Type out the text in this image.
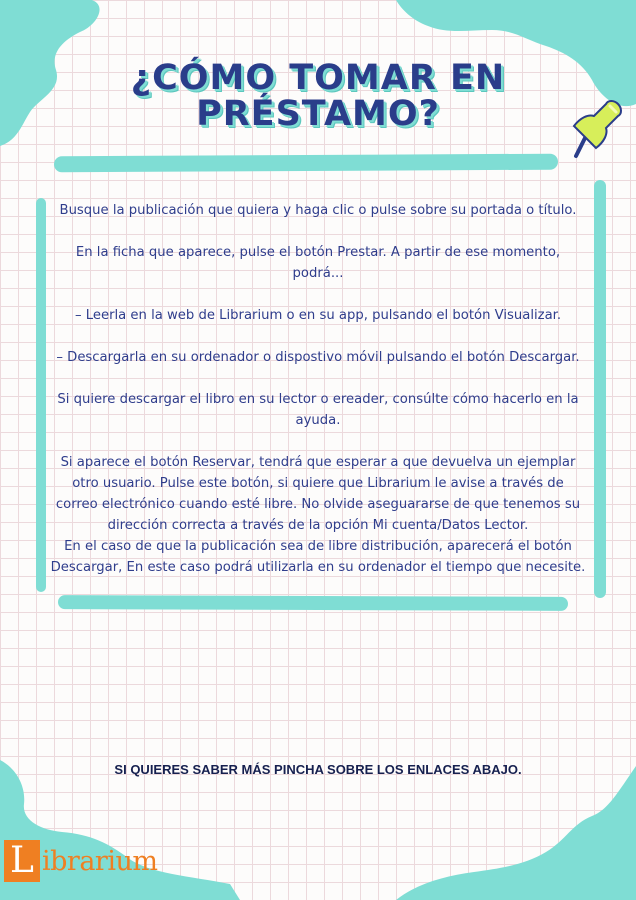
¿CÓMO TOMAR EN
PRÉSTAMO?

Busque la publicación que quiera y haga clic o pulse sobre su portada o título.

En la ficha que aparece, pulse el botón Prestar. A partir de ese momento, podrá...

– Leerla en la web de Librarium o en su app, pulsando el botón Visualizar.

– Descargarla en su ordenador o dispostivo móvil pulsando el botón Descargar.

Si quiere descargar el libro en su lector o ereader, consúlte cómo hacerlo en la ayuda.

Si aparece el botón Reservar, tendrá que esperar a que devuelva un ejemplar otro usuario. Pulse este botón, si quiere que Librarium le avise a través de correo electrónico cuando esté libre. No olvide aseguararse de que tenemos su dirección correcta a través de la opción Mi cuenta/Datos Lector.

En el caso de que la publicación sea de libre distribución, aparecerá el botón Descargar, En este caso podrá utilizarla en su ordenador el tiempo que necesite.

SI QUIERES SABER MÁS PINCHA SOBRE LOS ENLACES ABAJO.
L ibrarium
